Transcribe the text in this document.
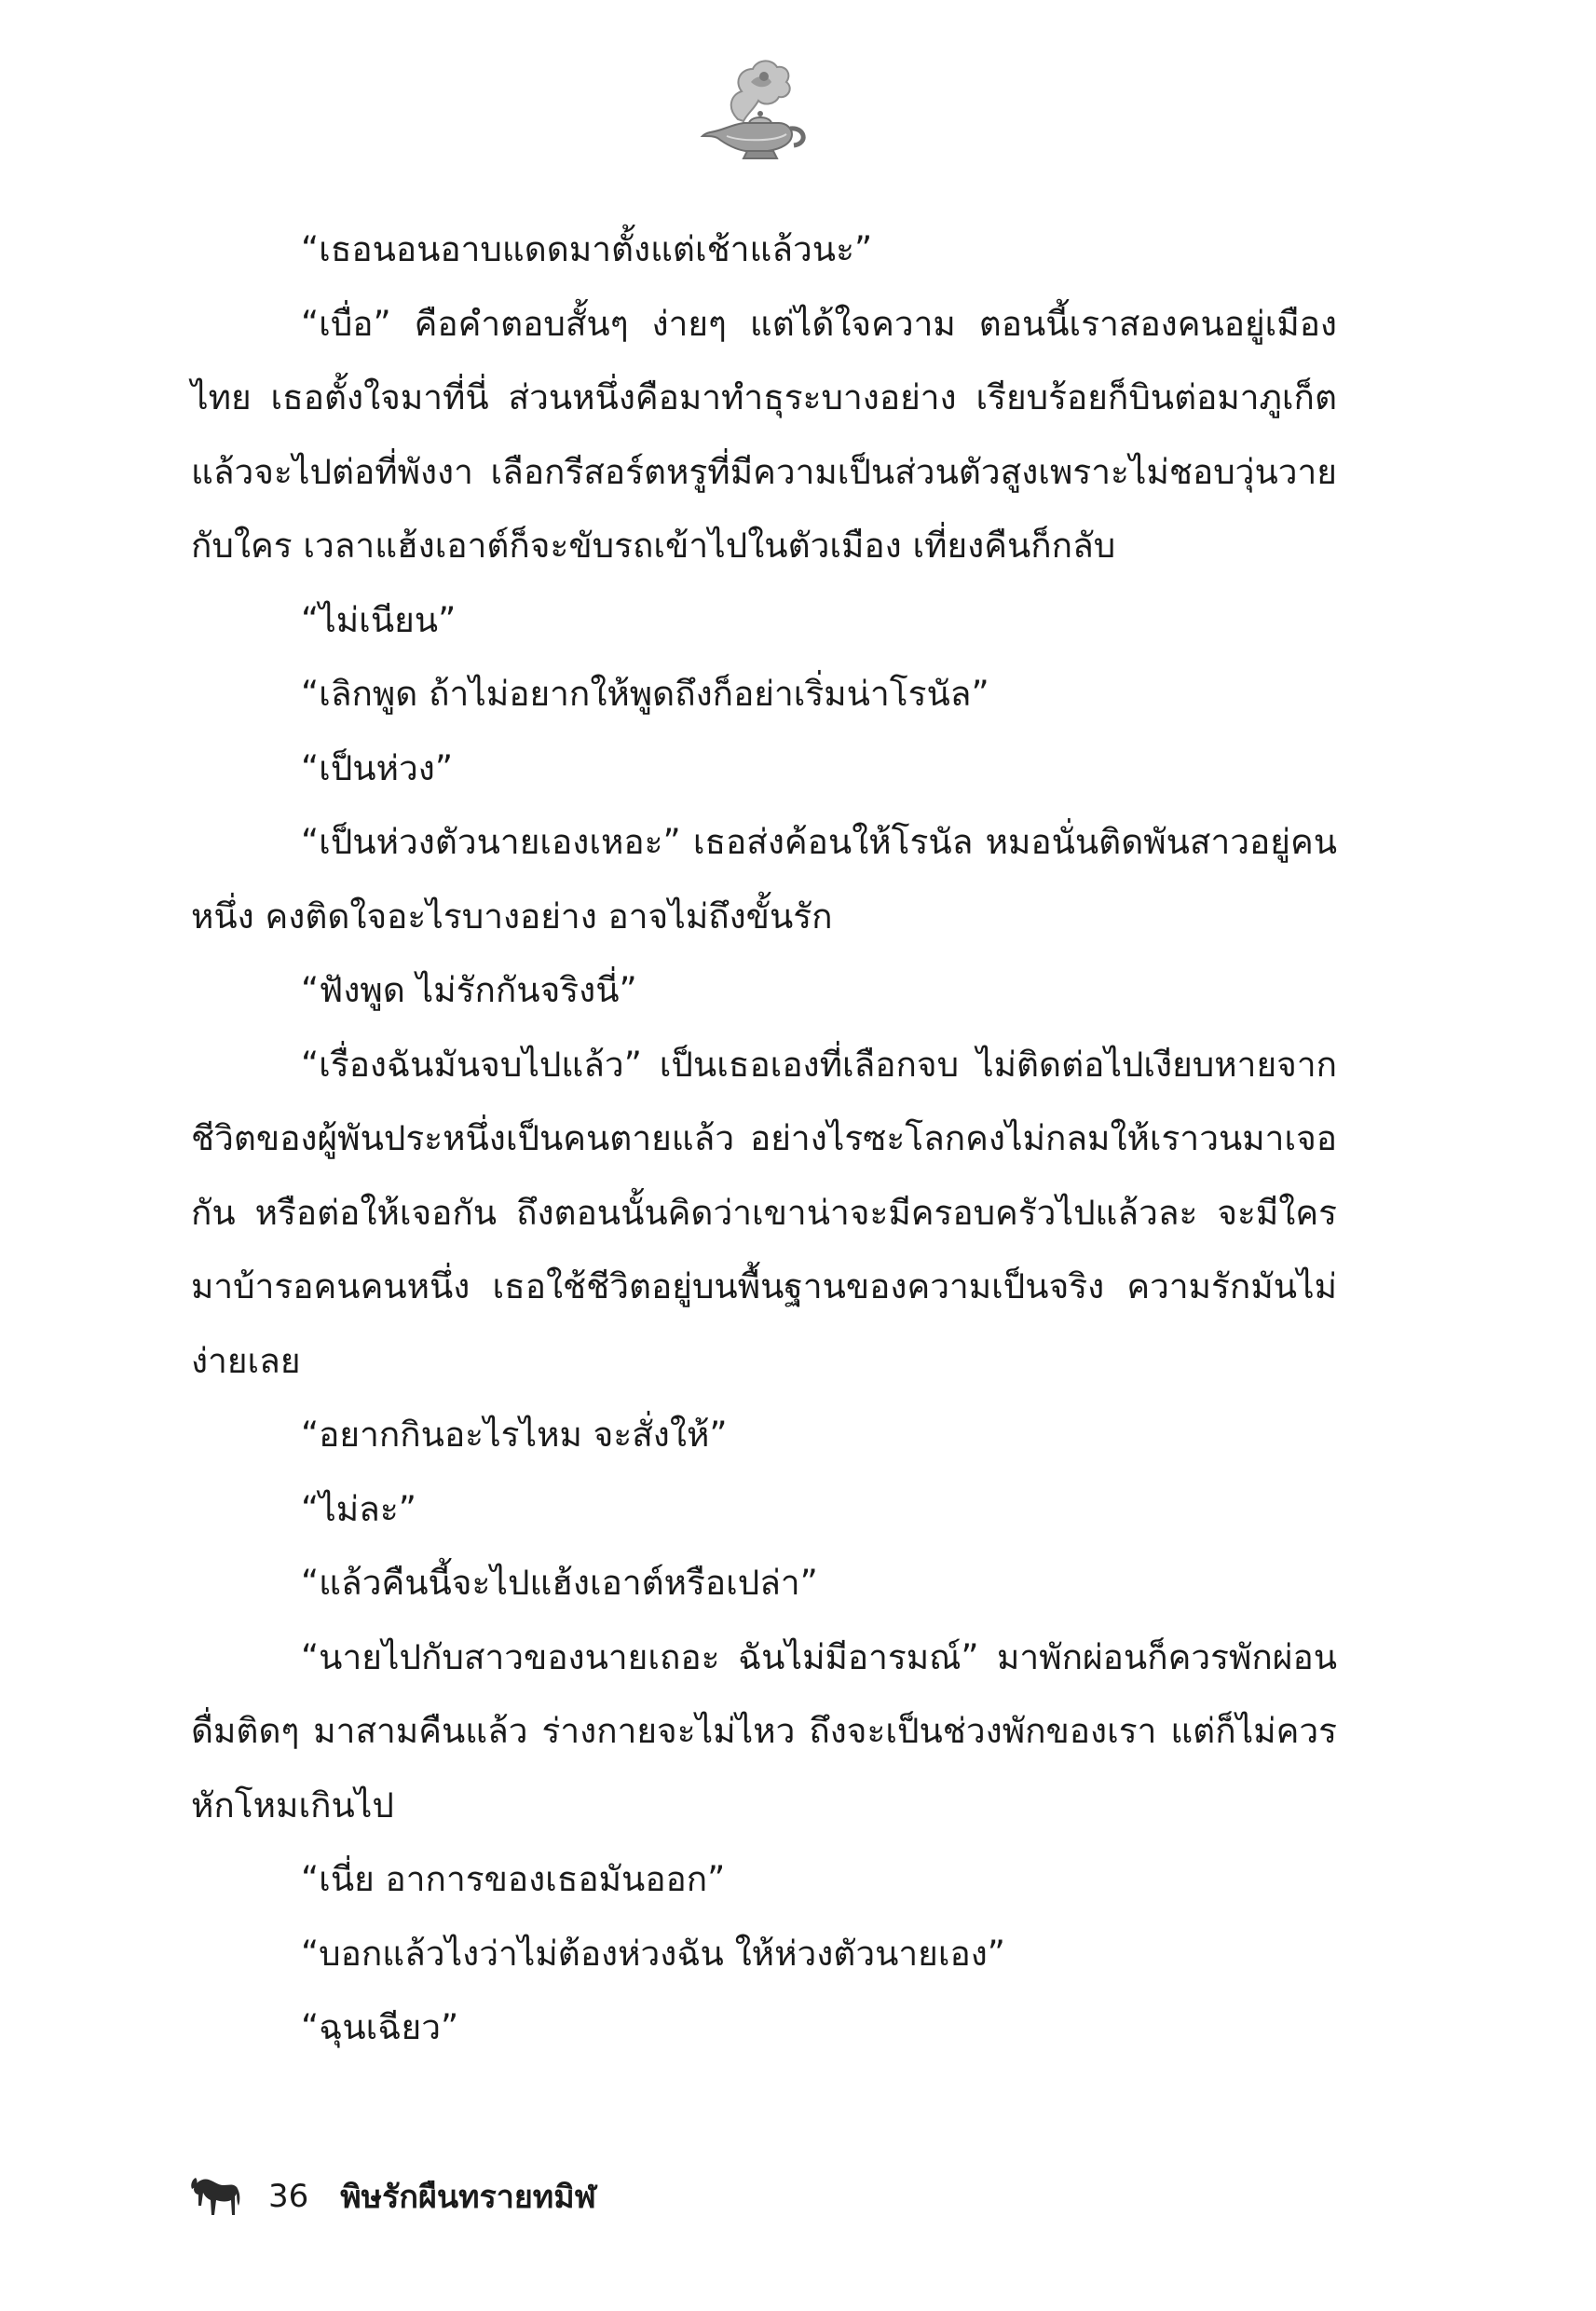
“เธอนอนอาบแดดมาตั้งแต่เช้าแล้วนะ”

“เบื่อ” คือคำตอบสั้นๆ ง่ายๆ แต่ได้ใจความ ตอนนี้เราสองคนอยู่เมืองไทย เธอตั้งใจมาที่นี่ ส่วนหนึ่งคือมาทำธุระบางอย่าง เรียบร้อยก็บินต่อมาภูเก็ต แล้วจะไปต่อที่พังงา เลือกรีสอร์ตหรูที่มีความเป็นส่วนตัวสูงเพราะไม่ชอบวุ่นวายกับใคร เวลาแฮ้งเอาต์ก็จะขับรถเข้าไปในตัวเมือง เที่ยงคืนก็กลับ

“ไม่เนียน”

“เลิกพูด ถ้าไม่อยากให้พูดถึงก็อย่าเริ่มน่าโรนัล”

“เป็นห่วง”

“เป็นห่วงตัวนายเองเหอะ” เธอส่งค้อนให้โรนัล หมอนั่นติดพันสาวอยู่คนหนึ่ง คงติดใจอะไรบางอย่าง อาจไม่ถึงขั้นรัก

“ฟังพูด ไม่รักกันจริงนี่”

“เรื่องฉันมันจบไปแล้ว” เป็นเธอเองที่เลือกจบ ไม่ติดต่อไปเงียบหายจากชีวิตของผู้พันประหนึ่งเป็นคนตายแล้ว อย่างไรซะโลกคงไม่กลมให้เราวนมาเจอกัน หรือต่อให้เจอกัน ถึงตอนนั้นคิดว่าเขาน่าจะมีครอบครัวไปแล้วละ จะมีใครมาบ้ารอคนคนหนึ่ง เธอใช้ชีวิตอยู่บนพื้นฐานของความเป็นจริง ความรักมันไม่ง่ายเลย

“อยากกินอะไรไหม จะสั่งให้”

“ไม่ละ”

“แล้วคืนนี้จะไปแฮ้งเอาต์หรือเปล่า”

“นายไปกับสาวของนายเถอะ ฉันไม่มีอารมณ์” มาพักผ่อนก็ควรพักผ่อน ดื่มติดๆ มาสามคืนแล้ว ร่างกายจะไม่ไหว ถึงจะเป็นช่วงพักของเรา แต่ก็ไม่ควรหักโหมเกินไป

“เนี่ย อาการของเธอมันออก”

“บอกแล้วไงว่าไม่ต้องห่วงฉัน ให้ห่วงตัวนายเอง”

“ฉุนเฉียว”

36 พิษรักผืนทรายทมิฬ
